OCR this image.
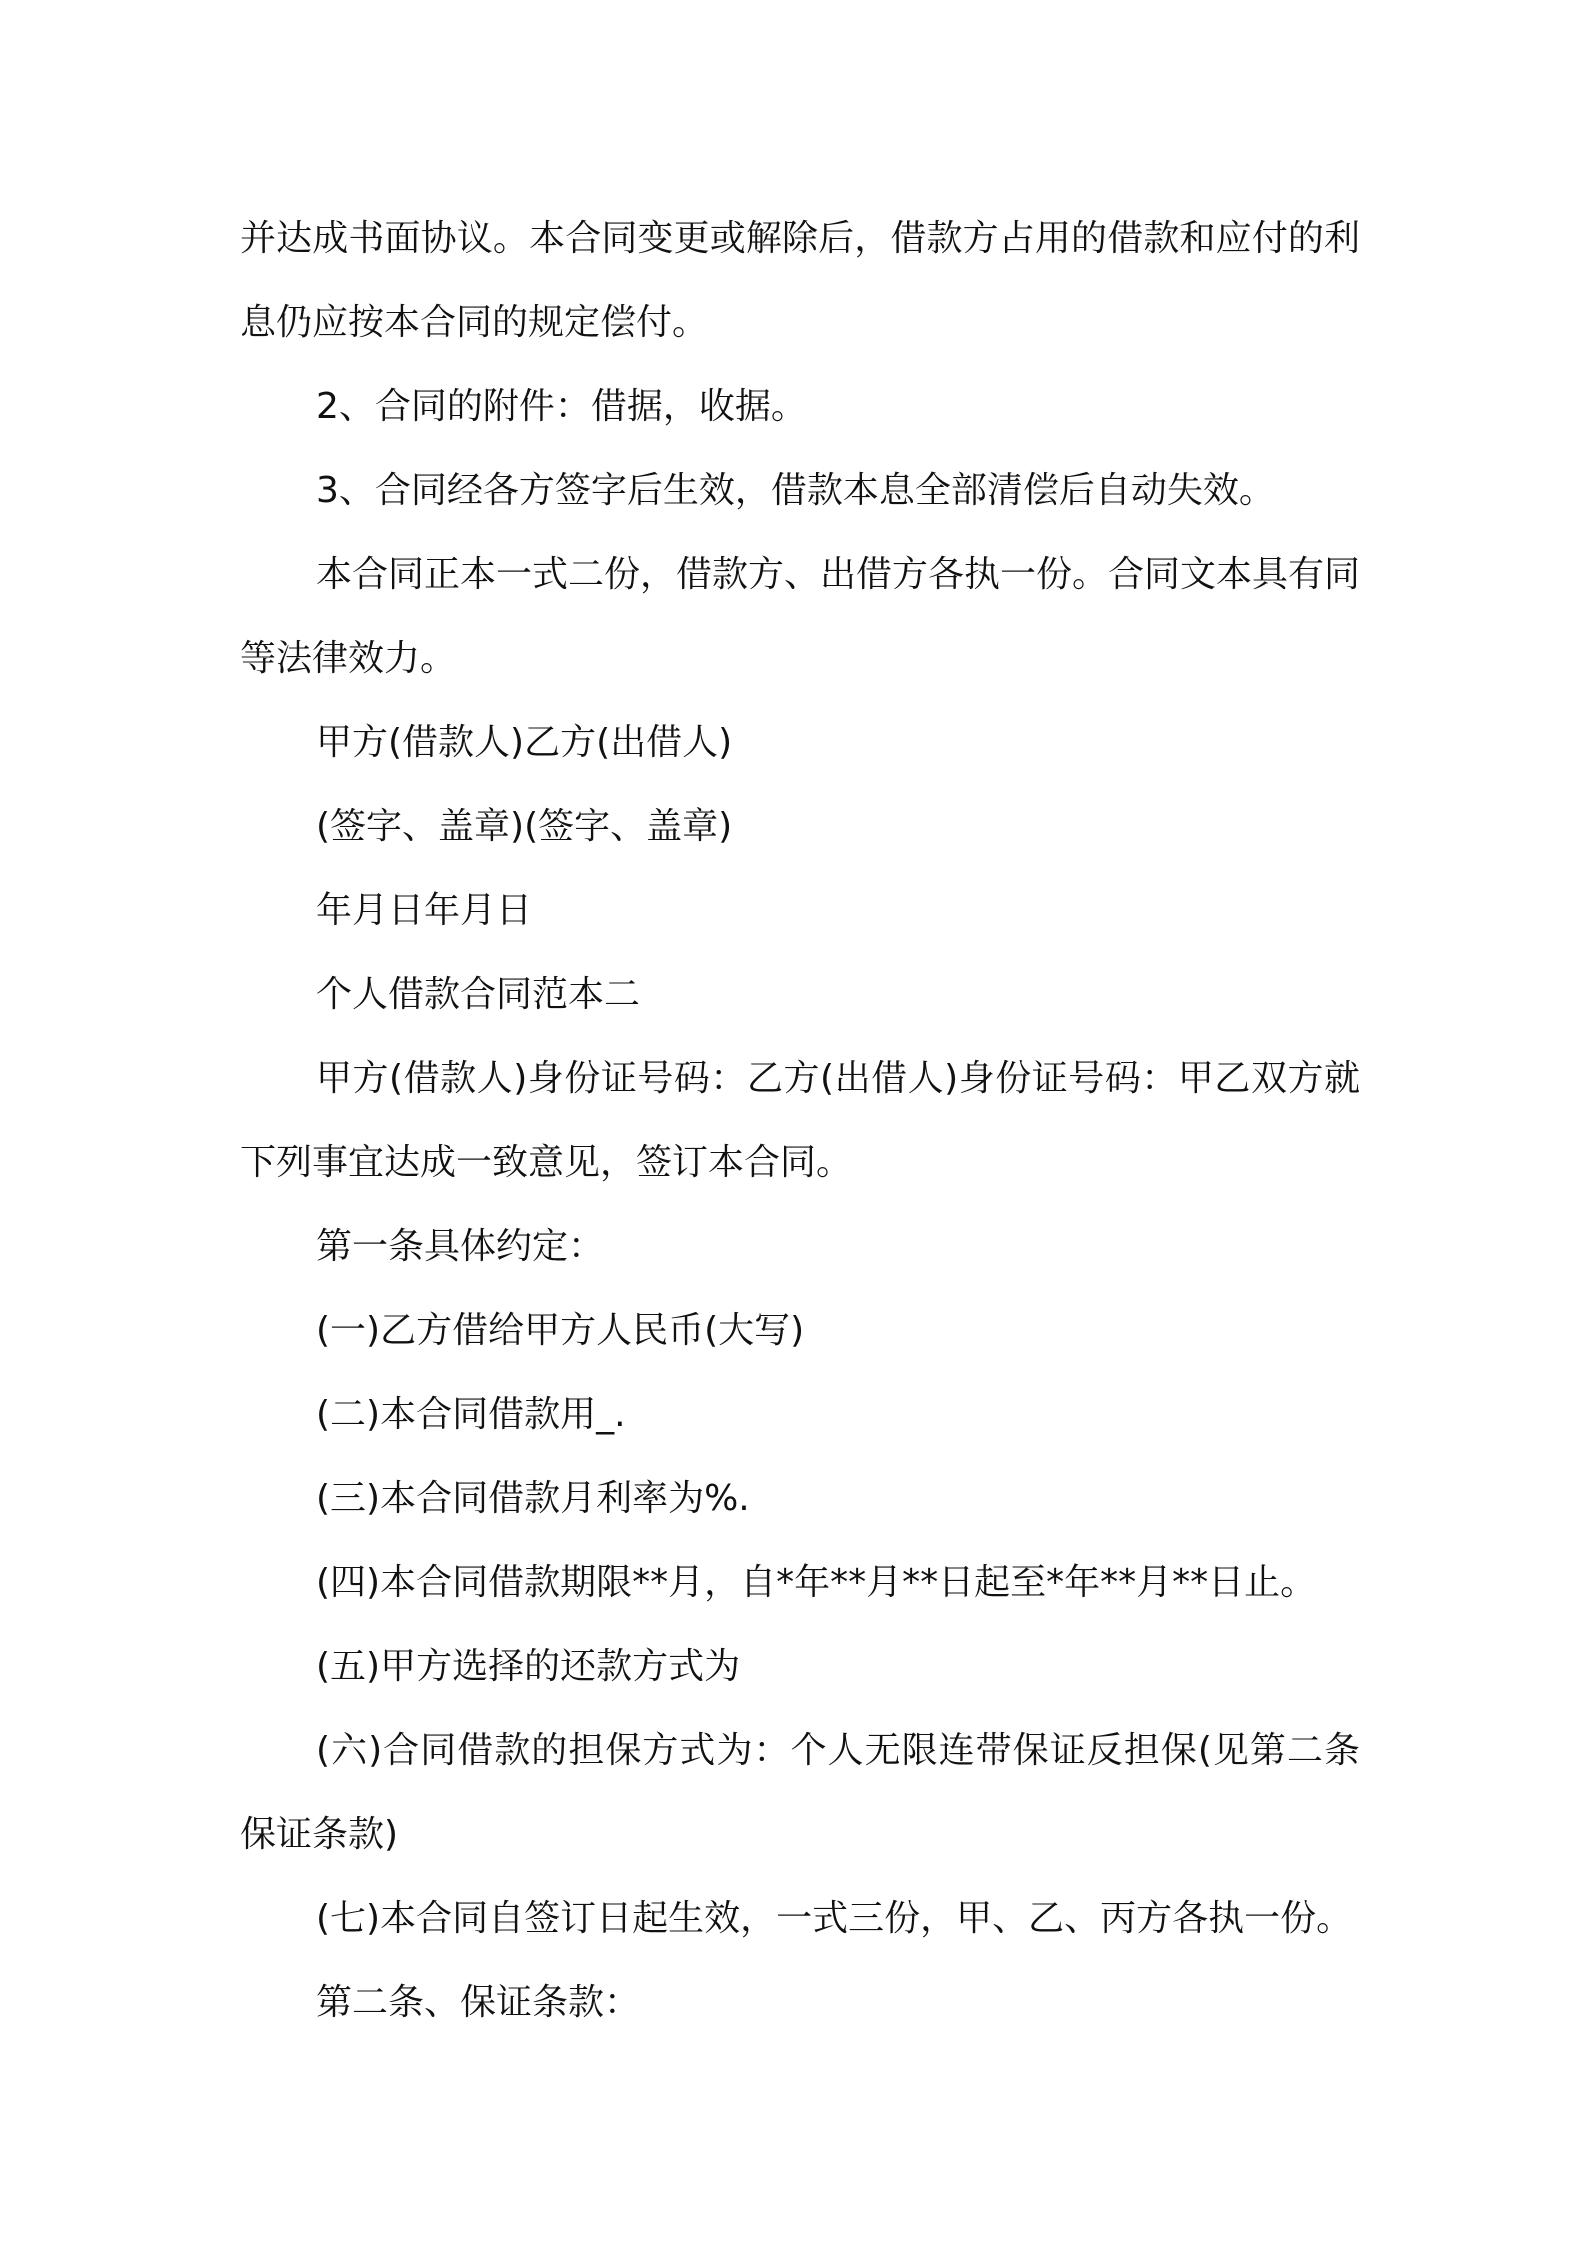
并达成书面协议。本合同变更或解除后，借款方占用的借款和应付的利息仍应按本合同的规定偿付。

2、合同的附件：借据，收据。

3、合同经各方签字后生效，借款本息全部清偿后自动失效。

本合同正本一式二份，借款方、出借方各执一份。合同文本具有同等法律效力。

甲方(借款人)乙方(出借人)

(签字、盖章)(签字、盖章)

年月日年月日

个人借款合同范本二

甲方(借款人)身份证号码：乙方(出借人)身份证号码：甲乙双方就下列事宜达成一致意见，签订本合同。

第一条具体约定：

(一)乙方借给甲方人民币(大写)

(二)本合同借款用_.

(三)本合同借款月利率为%.

(四)本合同借款期限**月，自*年**月**日起至*年**月**日止。

(五)甲方选择的还款方式为

(六)合同借款的担保方式为：个人无限连带保证反担保(见第二条保证条款)

(七)本合同自签订日起生效，一式三份，甲、乙、丙方各执一份。

第二条、保证条款：
